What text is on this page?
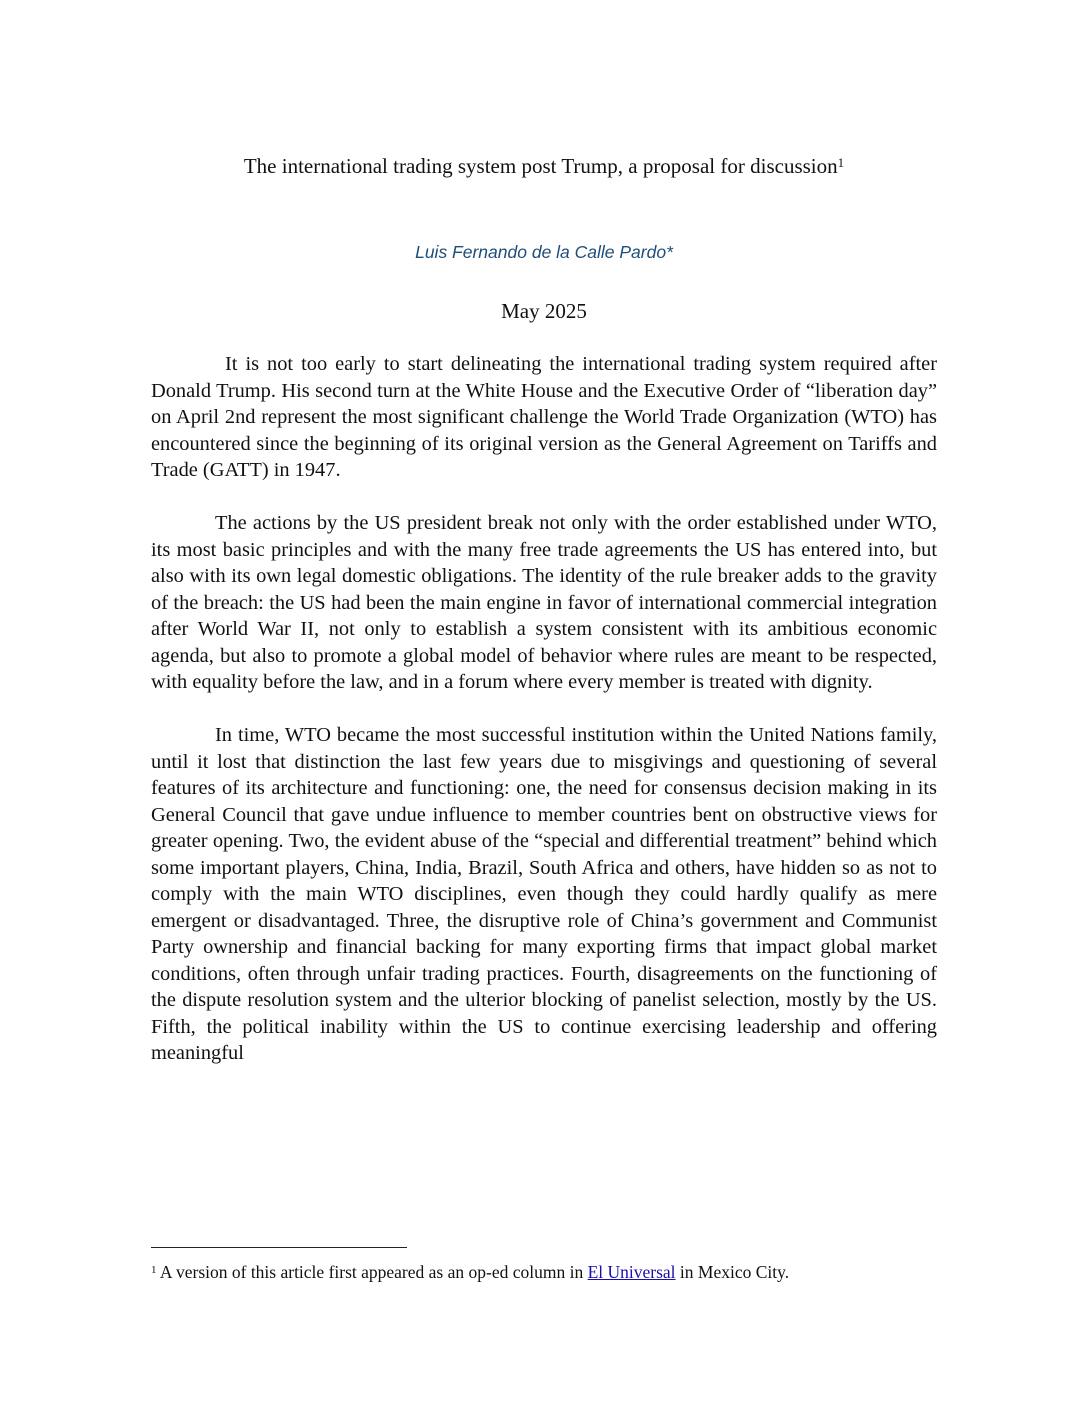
The international trading system post Trump, a proposal for discussion$^1$
Luis Fernando de la Calle Pardo*
May 2025

It is not too early to start delineating the international trading system required after Donald Trump. His second turn at the White House and the Executive Order of “liberation day” on April 2nd represent the most significant challenge the World Trade Organization (WTO) has encountered since the beginning of its original version as the General Agreement on Tariffs and Trade (GATT) in 1947.

The actions by the US president break not only with the order established under WTO, its most basic principles and with the many free trade agreements the US has entered into, but also with its own legal domestic obligations. The identity of the rule breaker adds to the gravity of the breach: the US had been the main engine in favor of international commercial integration after World War II, not only to establish a system consistent with its ambitious economic agenda, but also to promote a global model of behavior where rules are meant to be respected, with equality before the law, and in a forum where every member is treated with dignity.

In time, WTO became the most successful institution within the United Nations family, until it lost that distinction the last few years due to misgivings and questioning of several features of its architecture and functioning: one, the need for consensus decision making in its General Council that gave undue influence to member countries bent on obstructive views for greater opening. Two, the evident abuse of the “special and differential treatment” behind which some important players, China, India, Brazil, South Africa and others, have hidden so as not to comply with the main WTO disciplines, even though they could hardly qualify as mere emergent or disadvantaged. Three, the disruptive role of China’s government and Communist Party ownership and financial backing for many exporting firms that impact global market conditions, often through unfair trading practices. Fourth, disagreements on the functioning of the dispute resolution system and the ulterior blocking of panelist selection, mostly by the US. Fifth, the political inability within the US to continue exercising leadership and offering meaningful

$^1$ A version of this article first appeared as an op-ed column in El Universal in Mexico City.
